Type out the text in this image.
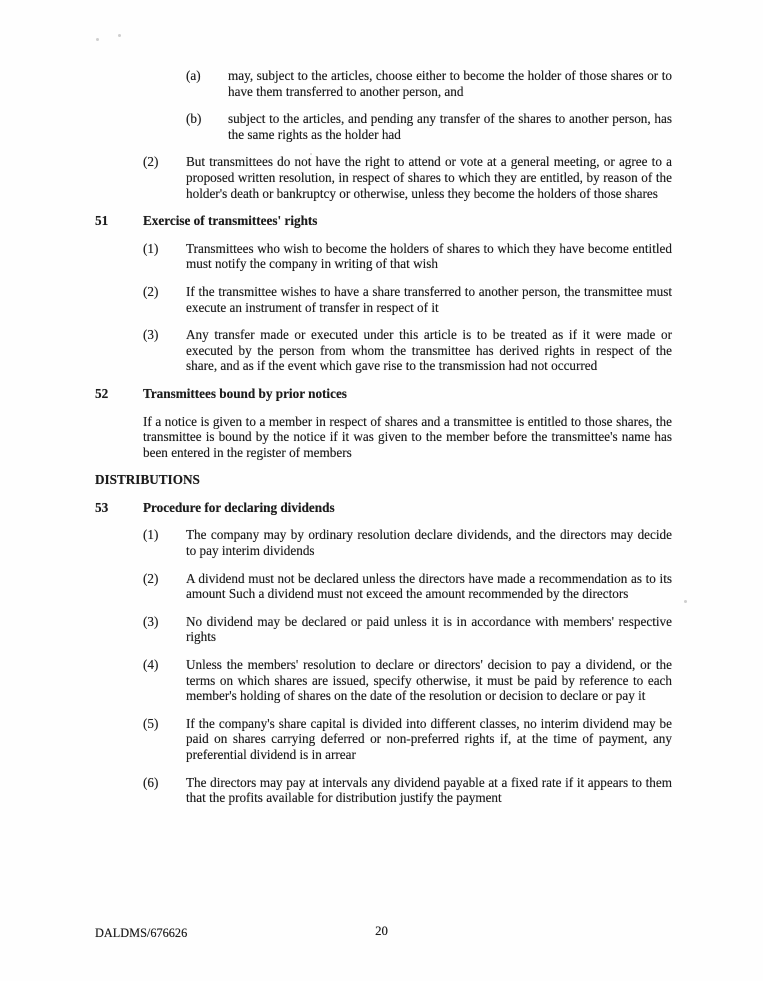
(a)	may, subject to the articles, choose either to become the holder of those shares or to have them transferred to another person, and
(b)	subject to the articles, and pending any transfer of the shares to another person, has the same rights as the holder had
(2)	But transmittees do not have the right to attend or vote at a general meeting, or agree to a proposed written resolution, in respect of shares to which they are entitled, by reason of the holder's death or bankruptcy or otherwise, unless they become the holders of those shares
51	Exercise of transmittees' rights
(1)	Transmittees who wish to become the holders of shares to which they have become entitled must notify the company in writing of that wish
(2)	If the transmittee wishes to have a share transferred to another person, the transmittee must execute an instrument of transfer in respect of it
(3)	Any transfer made or executed under this article is to be treated as if it were made or executed by the person from whom the transmittee has derived rights in respect of the share, and as if the event which gave rise to the transmission had not occurred
52	Transmittees bound by prior notices
If a notice is given to a member in respect of shares and a transmittee is entitled to those shares, the transmittee is bound by the notice if it was given to the member before the transmittee's name has been entered in the register of members
DISTRIBUTIONS
53	Procedure for declaring dividends
(1)	The company may by ordinary resolution declare dividends, and the directors may decide to pay interim dividends
(2)	A dividend must not be declared unless the directors have made a recommendation as to its amount Such a dividend must not exceed the amount recommended by the directors
(3)	No dividend may be declared or paid unless it is in accordance with members' respective rights
(4)	Unless the members' resolution to declare or directors' decision to pay a dividend, or the terms on which shares are issued, specify otherwise, it must be paid by reference to each member's holding of shares on the date of the resolution or decision to declare or pay it
(5)	If the company's share capital is divided into different classes, no interim dividend may be paid on shares carrying deferred or non-preferred rights if, at the time of payment, any preferential dividend is in arrear
(6)	The directors may pay at intervals any dividend payable at a fixed rate if it appears to them that the profits available for distribution justify the payment
DALDMS/676626	20
